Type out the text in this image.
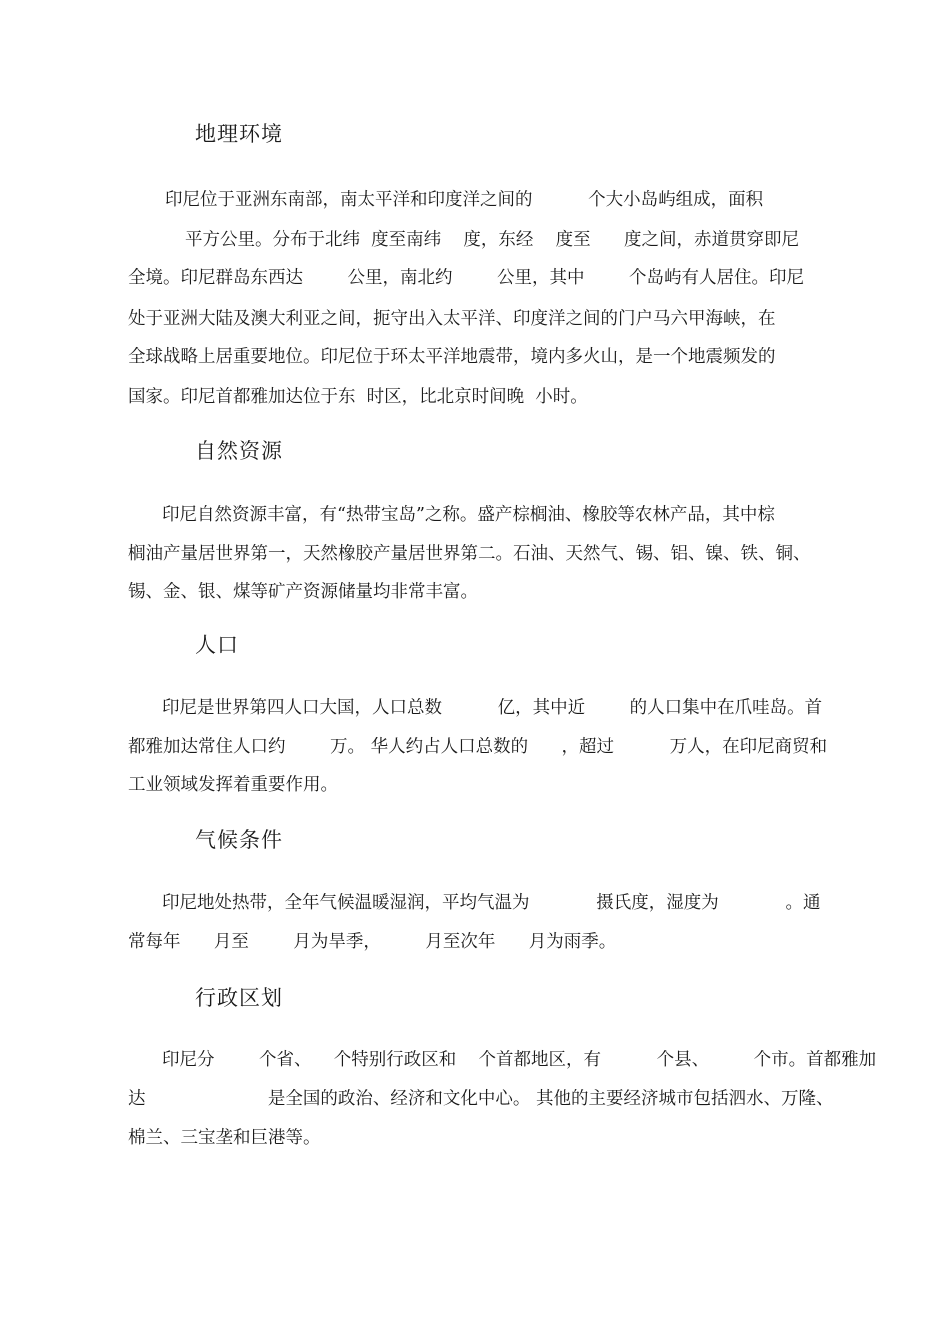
地理环境

印尼位于亚洲东南部，南太平洋和印度洋之间的          个大小岛屿组成，面积

平方公里。分布于北纬  度至南纬    度，东经    度至      度之间，赤道贯穿即尼

全境。印尼群岛东西达        公里，南北约        公里，其中        个岛屿有人居住。印尼

处于亚洲大陆及澳大利亚之间，扼守出入太平洋、印度洋之间的门户马六甲海峡，在

全球战略上居重要地位。印尼位于环太平洋地震带，境内多火山，是一个地震频发的

国家。印尼首都雅加达位于东  时区，比北京时间晚  小时。

自然资源

印尼自然资源丰富，有“热带宝岛”之称。盛产棕榈油、橡胶等农林产品，其中棕

榈油产量居世界第一，天然橡胶产量居世界第二。石油、天然气、锡、铝、镍、铁、铜、

锡、金、银、煤等矿产资源储量均非常丰富。

人口

印尼是世界第四人口大国，人口总数          亿，其中近        的人口集中在爪哇岛。首

都雅加达常住人口约        万。 华人约占人口总数的      ，超过          万人，在印尼商贸和

工业领域发挥着重要作用。

气候条件

印尼地处热带，全年气候温暖湿润，平均气温为            摄氏度，湿度为            。通

常每年      月至        月为旱季，        月至次年      月为雨季。

行政区划

印尼分        个省、    个特别行政区和    个首都地区，有          个县、        个市。首都雅加

达                      是全国的政治、经济和文化中心。 其他的主要经济城市包括泗水、万隆、

棉兰、三宝垄和巨港等。
